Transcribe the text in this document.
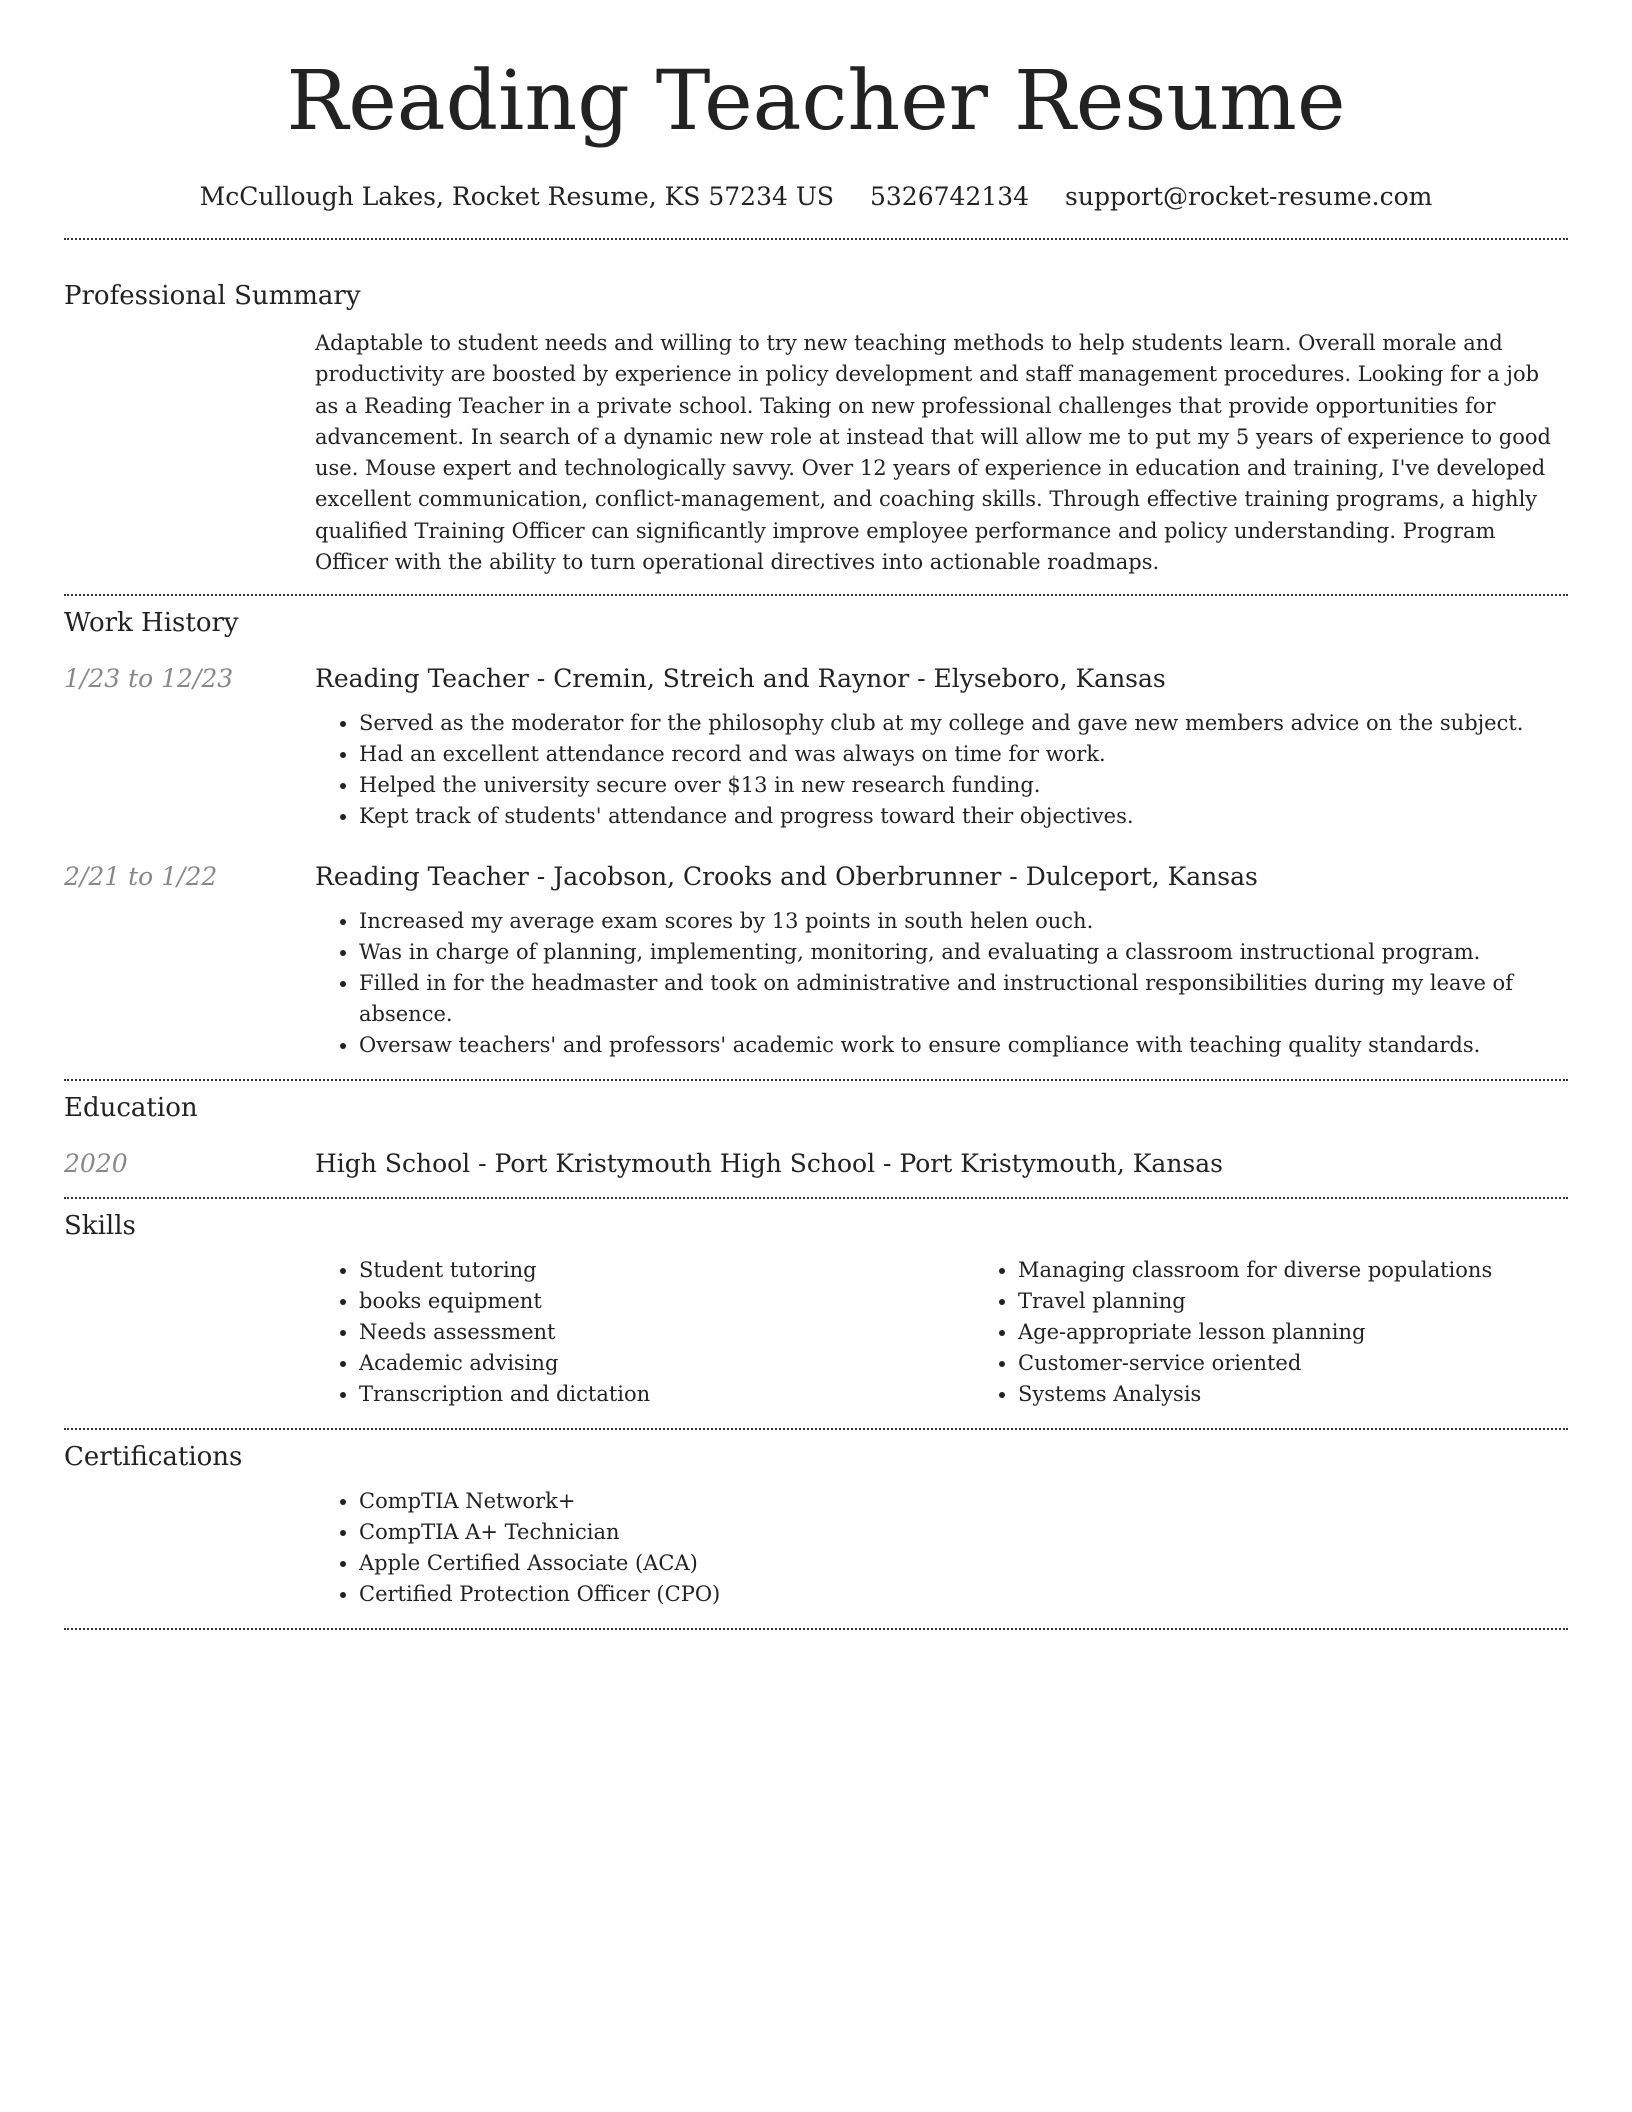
Reading Teacher Resume
McCullough Lakes, Rocket Resume, KS 57234 US 5326742134 support@rocket-resume.com
Professional Summary

Adaptable to student needs and willing to try new teaching methods to help students learn. Overall morale and productivity are boosted by experience in policy development and staff management procedures. Looking for a job as a Reading Teacher in a private school. Taking on new professional challenges that provide opportunities for advancement. In search of a dynamic new role at instead that will allow me to put my 5 years of experience to good use. Mouse expert and technologically savvy. Over 12 years of experience in education and training, I've developed excellent communication, conflict-management, and coaching skills. Through effective training programs, a highly qualified Training Officer can significantly improve employee performance and policy understanding. Program Officer with the ability to turn operational directives into actionable roadmaps.

Work History
1/23 to 12/23	Reading Teacher - Cremin, Streich and Raynor - Elyseboro, Kansas
• Served as the moderator for the philosophy club at my college and gave new members advice on the subject.
• Had an excellent attendance record and was always on time for work.
• Helped the university secure over $13 in new research funding.
• Kept track of students' attendance and progress toward their objectives.
2/21 to 1/22	Reading Teacher - Jacobson, Crooks and Oberbrunner - Dulceport, Kansas
• Increased my average exam scores by 13 points in south helen ouch.
• Was in charge of planning, implementing, monitoring, and evaluating a classroom instructional program.
• Filled in for the headmaster and took on administrative and instructional responsibilities during my leave of absence.
• Oversaw teachers' and professors' academic work to ensure compliance with teaching quality standards.
Education
2020	High School - Port Kristymouth High School - Port Kristymouth, Kansas
Skills
• Student tutoring
• books equipment
• Needs assessment
• Academic advising
• Transcription and dictation
• Managing classroom for diverse populations
• Travel planning
• Age-appropriate lesson planning
• Customer-service oriented
• Systems Analysis
Certifications
• CompTIA Network+
• CompTIA A+ Technician
• Apple Certified Associate (ACA)
• Certified Protection Officer (CPO)
